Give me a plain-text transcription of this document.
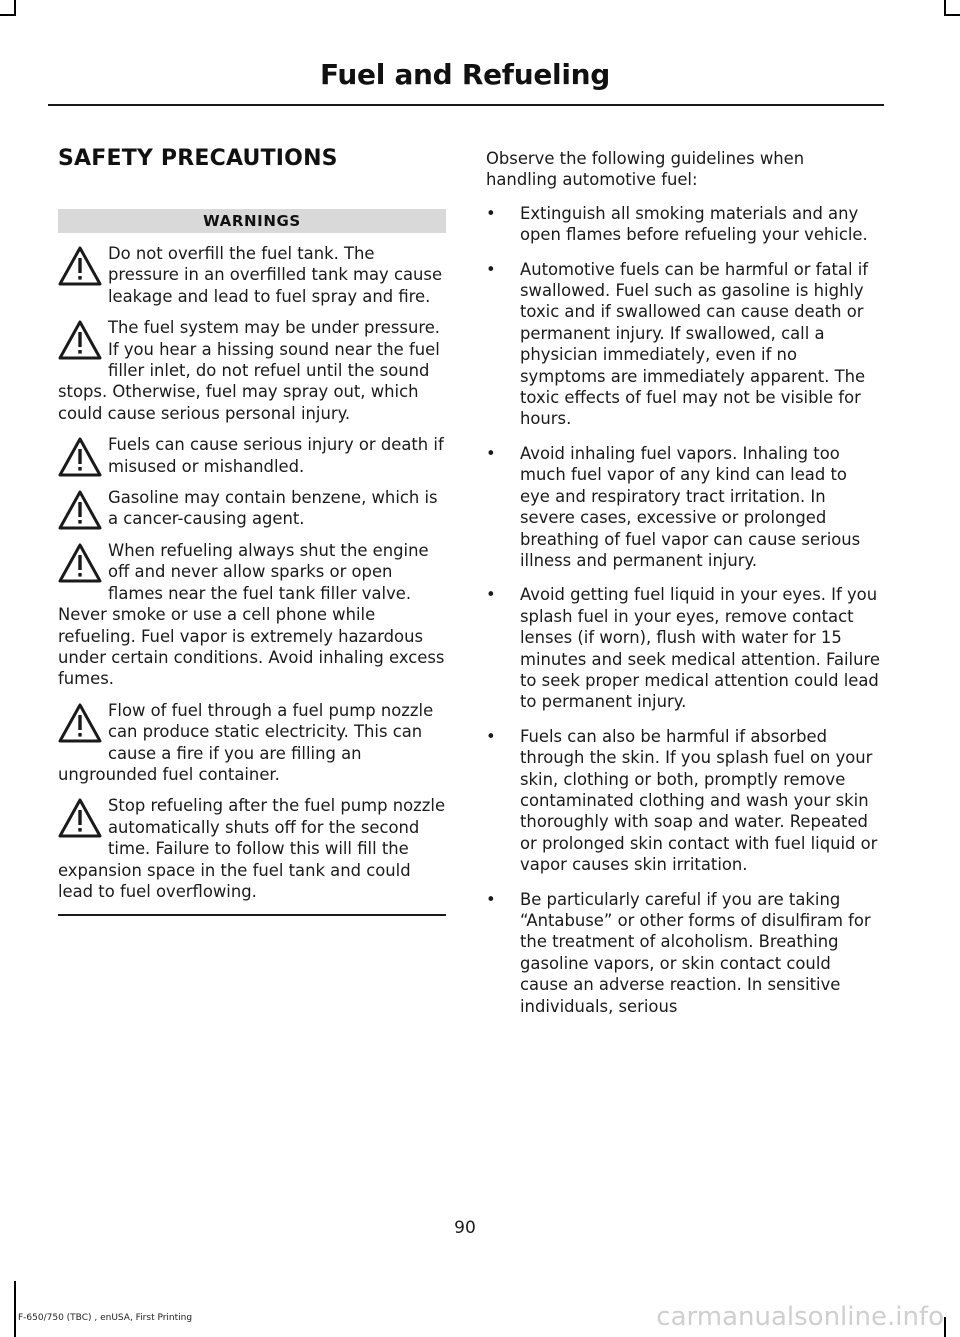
Fuel and Refueling
SAFETY PRECAUTIONS
WARNINGS
Do not overfill the fuel tank. The pressure in an overfilled tank may cause leakage and lead to fuel spray and fire.
The fuel system may be under pressure. If you hear a hissing sound near the fuel filler inlet, do not refuel until the sound stops. Otherwise, fuel may spray out, which could cause serious personal injury.
Fuels can cause serious injury or death if misused or mishandled.
Gasoline may contain benzene, which is a cancer-causing agent.
When refueling always shut the engine off and never allow sparks or open flames near the fuel tank filler valve. Never smoke or use a cell phone while refueling. Fuel vapor is extremely hazardous under certain conditions. Avoid inhaling excess fumes.
Flow of fuel through a fuel pump nozzle can produce static electricity. This can cause a fire if you are filling an ungrounded fuel container.
Stop refueling after the fuel pump nozzle automatically shuts off for the second time. Failure to follow this will fill the expansion space in the fuel tank and could lead to fuel overflowing.

Observe the following guidelines when handling automotive fuel:

• Extinguish all smoking materials and any open flames before refueling your vehicle.
• Automotive fuels can be harmful or fatal if swallowed. Fuel such as gasoline is highly toxic and if swallowed can cause death or permanent injury. If swallowed, call a physician immediately, even if no symptoms are immediately apparent. The toxic effects of fuel may not be visible for hours.
• Avoid inhaling fuel vapors. Inhaling too much fuel vapor of any kind can lead to eye and respiratory tract irritation. In severe cases, excessive or prolonged breathing of fuel vapor can cause serious illness and permanent injury.
• Avoid getting fuel liquid in your eyes. If you splash fuel in your eyes, remove contact lenses (if worn), flush with water for 15 minutes and seek medical attention. Failure to seek proper medical attention could lead to permanent injury.
• Fuels can also be harmful if absorbed through the skin. If you splash fuel on your skin, clothing or both, promptly remove contaminated clothing and wash your skin thoroughly with soap and water. Repeated or prolonged skin contact with fuel liquid or vapor causes skin irritation.
• Be particularly careful if you are taking “Antabuse” or other forms of disulfiram for the treatment of alcoholism. Breathing gasoline vapors, or skin contact could cause an adverse reaction. In sensitive individuals, serious
90
F-650/750 (TBC) , enUSA, First Printing	carmanualsonline.info
